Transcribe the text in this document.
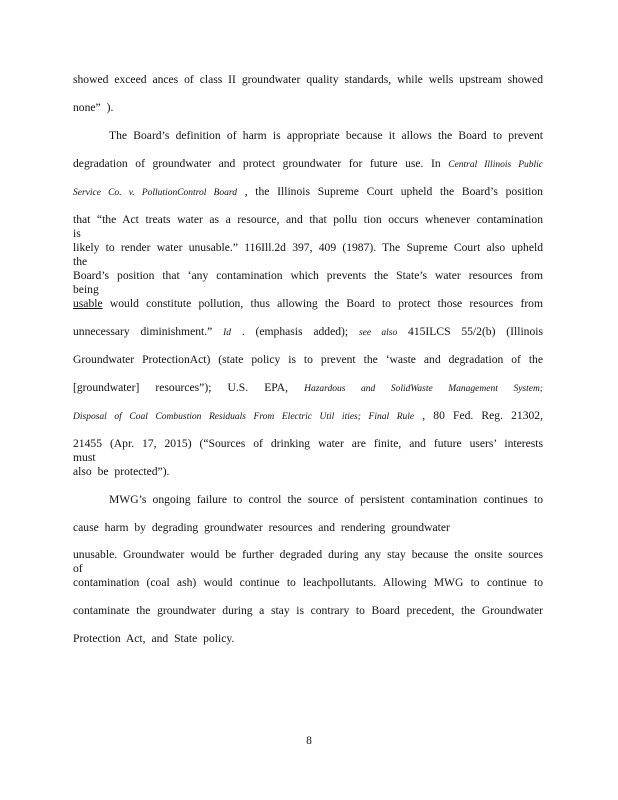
showed exceed ances of class II groundwater quality standards, while wells upstream showed
none” ).
The Board’s definition of harm is appropriate because it allows the Board to prevent
degradation of groundwater and protect groundwater for future use. In Central Illinois Public
Service Co. v. PollutionControl Board , the Illinois Supreme Court upheld the Board’s position
that “the Act treats water as a resource, and that pollu tion occurs whenever contamination is
likely to render water unusable.” 116Ill.2d 397, 409 (1987). The Supreme Court also upheld the
Board’s position that ‘any contamination which prevents the State’s water resources from being
usable would constitute pollution, thus allowing the Board to protect those resources from
unnecessary diminishment.” Id . (emphasis added); see also 415ILCS 55/2(b) (Illinois
Groundwater ProtectionAct) (state policy is to prevent the ‘waste and degradation of the
[groundwater] resources”); U.S. EPA, Hazardous and SolidWaste Management System;
Disposal of Coal Combustion Residuals From Electric Util ities; Final Rule , 80 Fed. Reg. 21302,
21455 (Apr. 17, 2015) (“Sources of drinking water are finite, and future users’ interests must
also be protected”).
MWG’s ongoing failure to control the source of persistent contamination continues to
cause harm by degrading groundwater resources and rendering groundwater
unusable. Groundwater would be further degraded during any stay because the onsite sources of
contamination (coal ash) would continue to leachpollutants. Allowing MWG to continue to
contaminate the groundwater during a stay is contrary to Board precedent, the Groundwater
Protection Act, and State policy.
8
